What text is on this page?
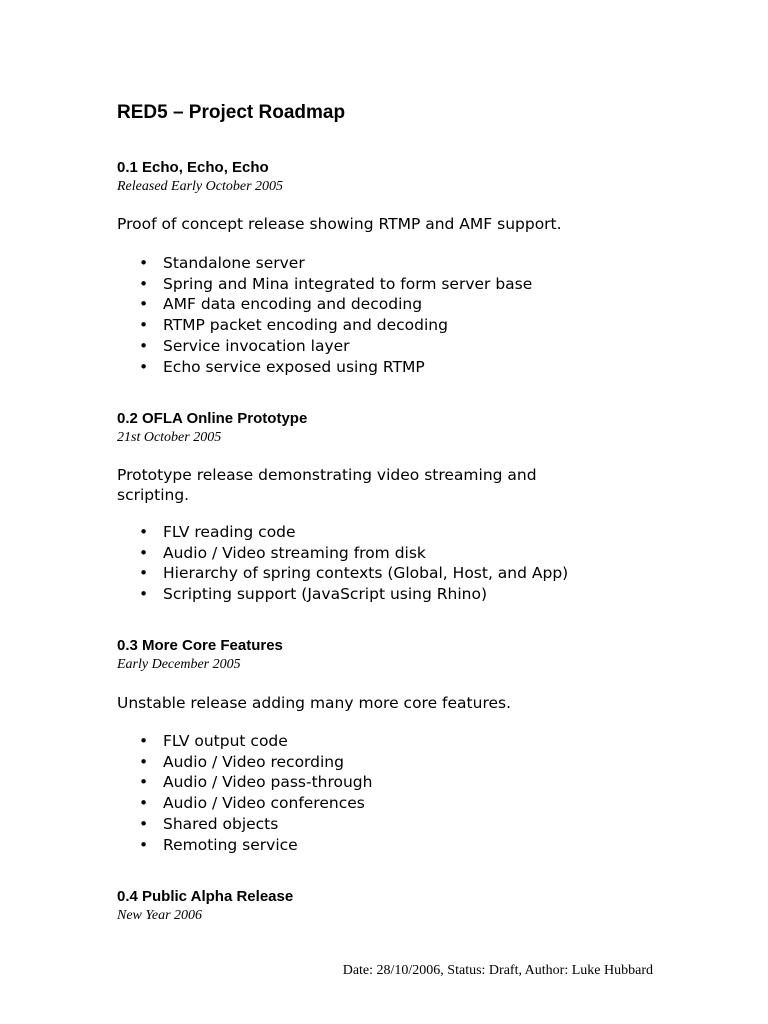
RED5 – Project Roadmap

0.1 Echo, Echo, Echo

Released Early October 2005

Proof of concept release showing RTMP and AMF support.

• Standalone server
• Spring and Mina integrated to form server base
• AMF data encoding and decoding
• RTMP packet encoding and decoding
• Service invocation layer
• Echo service exposed using RTMP

0.2 OFLA Online Prototype

21st October 2005

Prototype release demonstrating video streaming and scripting.

• FLV reading code
• Audio / Video streaming from disk
• Hierarchy of spring contexts (Global, Host, and App)
• Scripting support (JavaScript using Rhino)

0.3 More Core Features

Early December 2005

Unstable release adding many more core features.

• FLV output code
• Audio / Video recording
• Audio / Video pass-through
• Audio / Video conferences
• Shared objects
• Remoting service

0.4 Public Alpha Release

New Year 2006

Date: 28/10/2006, Status: Draft, Author: Luke Hubbard
